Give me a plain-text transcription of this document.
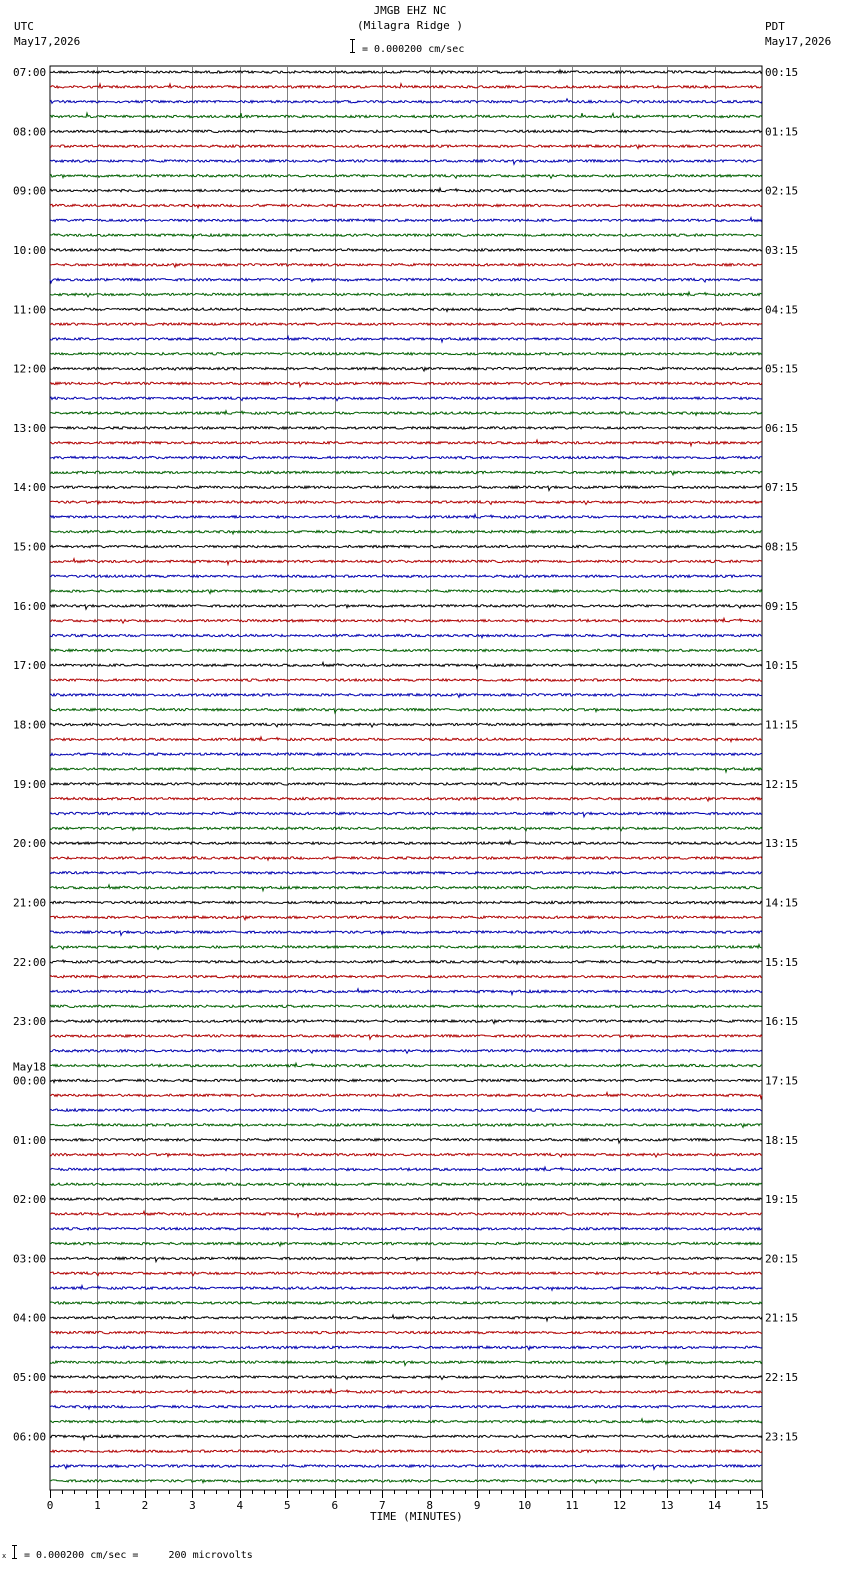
JMGB EHZ NC
(Milagra Ridge )
= 0.000200 cm/sec
UTC
May17,2026
PDT
May17,2026
07:00	00:15
08:00	01:15
09:00	02:15
10:00	03:15
11:00	04:15
12:00	05:15
13:00	06:15
14:00	07:15
15:00	08:15
16:00	09:15
17:00	10:15
18:00	11:15
19:00	12:15
20:00	13:15
21:00	14:15
22:00	15:15
23:00	16:15
00:00	17:15
May18
01:00	18:15
02:00	19:15
03:00	20:15
04:00	21:15
05:00	22:15
06:00	23:15
0	1	2	3	4	5	6	7	8	9	10	11	12	13	14	15
TIME (MINUTES)
x = 0.000200 cm/sec =     200 microvolts
